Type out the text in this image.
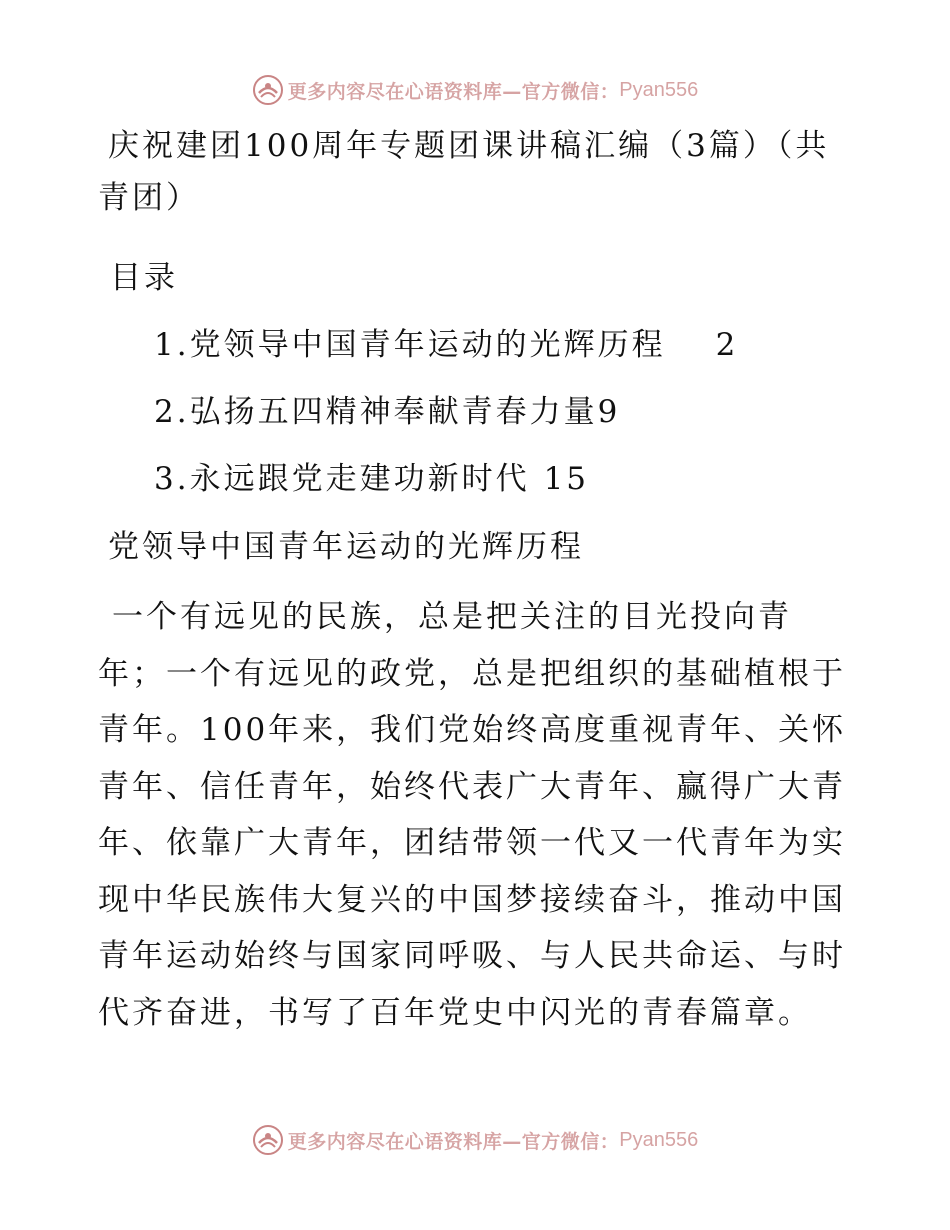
更多内容尽在心语资料库—官方微信： Pyan556
庆祝建团100周年专题团课讲稿汇编（3篇）（共
青团）
目录
1.党领导中国青年运动的光辉历程 2
2.弘扬五四精神奉献青春力量 9
3.永远跟党走建功新时代 15
党领导中国青年运动的光辉历程
一个有远见的民族，总是把关注的目光投向青
年；一个有远见的政党，总是把组织的基础植根于
青年。100年来，我们党始终高度重视青年、关怀
青年、信任青年，始终代表广大青年、赢得广大青
年、依靠广大青年，团结带领一代又一代青年为实
现中华民族伟大复兴的中国梦接续奋斗，推动中国
青年运动始终与国家同呼吸、与人民共命运、与时
代齐奋进，书写了百年党史中闪光的青春篇章。
更多内容尽在心语资料库—官方微信： Pyan556
